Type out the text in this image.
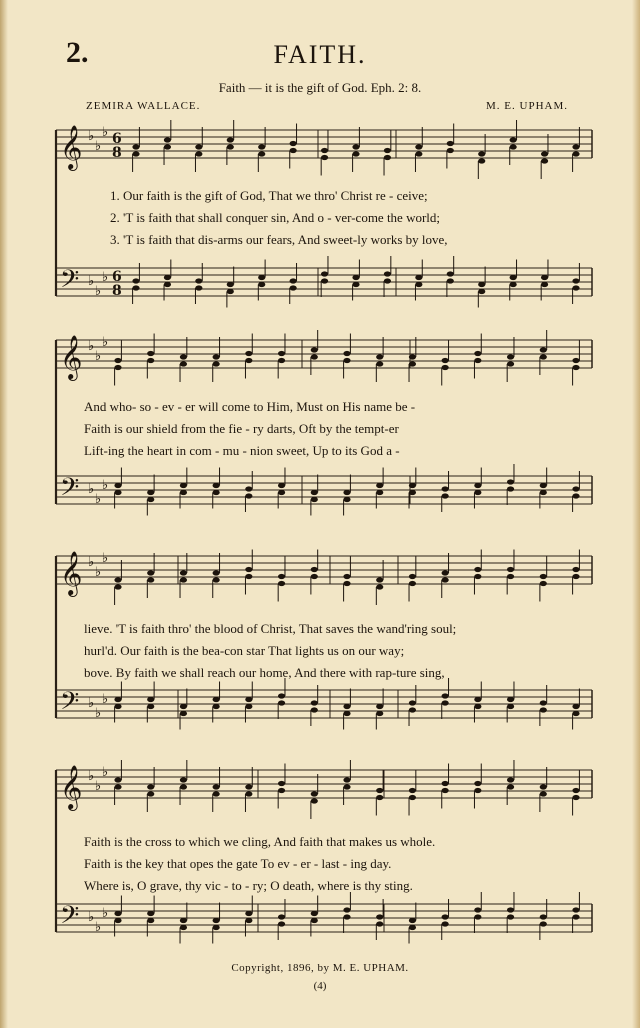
2.	FAITH.
Faith — it is the gift of God. Eph. 2: 8.
ZEMIRA WALLACE.	M. E. UPHAM.
𝄞
𝄢
♭
♭
♭
♭
♭
♭
6
8
6
8
𝄞
𝄢
♭
♭
♭
♭
♭
♭
𝄞
𝄢
♭
♭
♭
♭
♭
♭
𝄞
𝄢
♭
♭
♭
♭
♭
♭
1. Our faith is the gift of God, That we thro' Christ re - ceive;
2. 'T is faith that shall conquer sin, And o - ver-come the world;
3. 'T is faith that dis-arms our fears, And sweet-ly works by love,
And who- so - ev - er will come to Him, Must on His name be -
Faith is our shield from the fie - ry darts, Oft by the tempt-er
Lift-ing the heart in com - mu - nion sweet, Up to its God a -
lieve. 'T is faith thro' the blood of Christ, That saves the wand'ring soul;
hurl'd. Our faith is the bea-con star That lights us on our way;
bove. By faith we shall reach our home, And there with rap-ture sing,
Faith is the cross to which we cling, And faith that makes us whole.
Faith is the key that opes the gate To ev - er - last - ing day.
Where is, O grave, thy vic - to - ry; O death, where is thy sting.
Copyright, 1896, by M. E. UPHAM.
(4)
